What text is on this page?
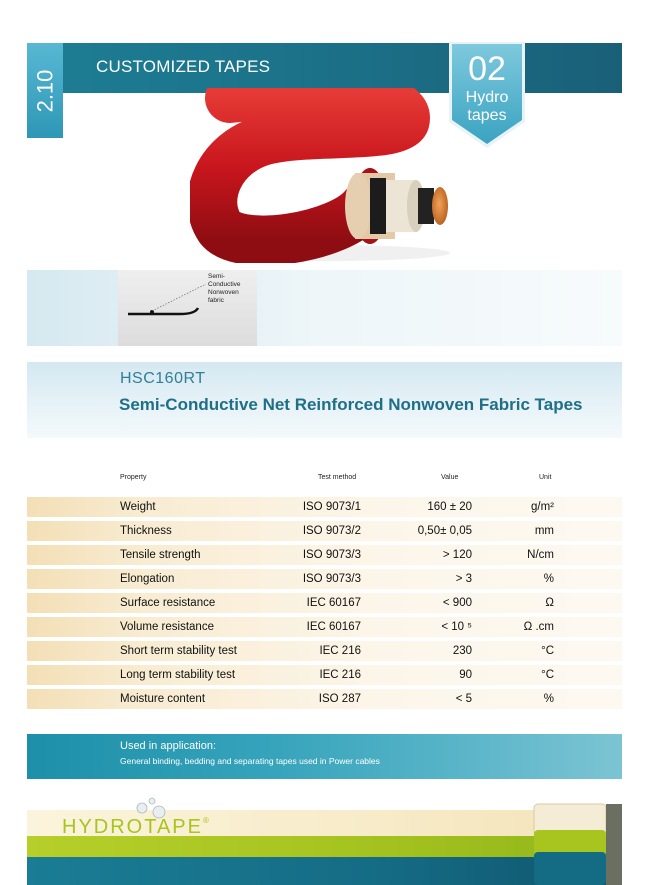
CUSTOMIZED TAPES
2.10
02
Hydro
tapes
Semi-Conductive Nonwoven fabric
HSC160RT
Semi-Conductive Net Reinforced Nonwoven Fabric Tapes
Property	Test method	Value	Unit
Weight	ISO 9073/1	160 ± 20	g/m²
Thickness	ISO 9073/2	0,50± 0,05	mm
Tensile strength	ISO 9073/3	> 120	N/cm
Elongation	ISO 9073/3	> 3	%
Surface resistance	IEC 60167	< 900	Ω
Volume resistance	IEC 60167	< 10 ⁵	Ω .cm
Short term stability test	IEC 216	230	°C
Long term stability test	IEC 216	90	°C
Moisture content	ISO 287	< 5	%
Used in application:
General binding, bedding and separating tapes used in Power cables
HYDROTAPE®
